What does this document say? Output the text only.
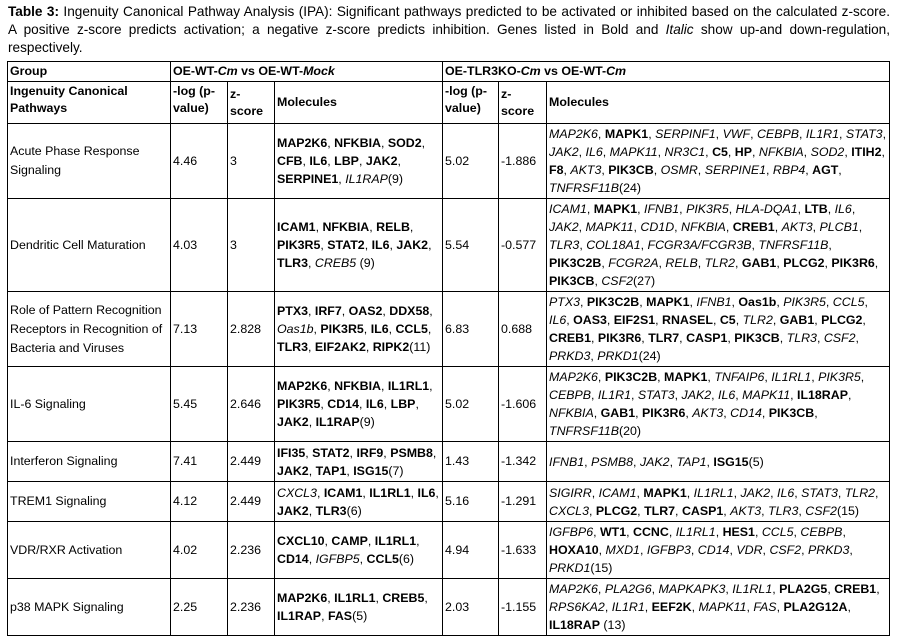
Table 3: Ingenuity Canonical Pathway Analysis (IPA): Significant pathways predicted to be activated or inhibited based on the calculated z-score. A positive z-score predicts activation; a negative z-score predicts inhibition. Genes listed in Bold and Italic show up-and down-regulation, respectively.
Group	OE-WT-Cm vs OE-WT-Mock			OE-TLR3KO-Cm vs OE-WT-Cm		
Ingenuity Canonical Pathways	-log (p-value)	z-score	Molecules	-log (p-value)	z-score	Molecules
Acute Phase Response Signaling	4.46	3	MAP2K6, NFKBIA, SOD2, CFB, IL6, LBP, JAK2, SERPINE1, IL1RAP(9)	5.02	-1.886	MAP2K6, MAPK1, SERPINF1, VWF, CEBPB, IL1R1, STAT3, JAK2, IL6, MAPK11, NR3C1, C5, HP, NFKBIA, SOD2, ITIH2, F8, AKT3, PIK3CB, OSMR, SERPINE1, RBP4, AGT, TNFRSF11B(24)
Dendritic Cell Maturation	4.03	3	ICAM1, NFKBIA, RELB, PIK3R5, STAT2, IL6, JAK2, TLR3, CREB5 (9)	5.54	-0.577	ICAM1, MAPK1, IFNB1, PIK3R5, HLA-DQA1, LTB, IL6, JAK2, MAPK11, CD1D, NFKBIA, CREB1, AKT3, PLCB1, TLR3, COL18A1, FCGR3A/FCGR3B, TNFRSF11B, PIK3C2B, FCGR2A, RELB, TLR2, GAB1, PLCG2, PIK3R6, PIK3CB, CSF2(27)
Role of Pattern Recognition Receptors in Recognition of Bacteria and Viruses	7.13	2.828	PTX3, IRF7, OAS2, DDX58, Oas1b, PIK3R5, IL6, CCL5, TLR3, EIF2AK2, RIPK2(11)	6.83	0.688	PTX3, PIK3C2B, MAPK1, IFNB1, Oas1b, PIK3R5, CCL5, IL6, OAS3, EIF2S1, RNASEL, C5, TLR2, GAB1, PLCG2, CREB1, PIK3R6, TLR7, CASP1, PIK3CB, TLR3, CSF2, PRKD3, PRKD1(24)
IL-6 Signaling	5.45	2.646	MAP2K6, NFKBIA, IL1RL1, PIK3R5, CD14, IL6, LBP, JAK2, IL1RAP(9)	5.02	-1.606	MAP2K6, PIK3C2B, MAPK1, TNFAIP6, IL1RL1, PIK3R5, CEBPB, IL1R1, STAT3, JAK2, IL6, MAPK11, IL18RAP, NFKBIA, GAB1, PIK3R6, AKT3, CD14, PIK3CB, TNFRSF11B(20)
Interferon Signaling	7.41	2.449	IFI35, STAT2, IRF9, PSMB8, JAK2, TAP1, ISG15(7)	1.43	-1.342	IFNB1, PSMB8, JAK2, TAP1, ISG15(5)
TREM1 Signaling	4.12	2.449	CXCL3, ICAM1, IL1RL1, IL6, JAK2, TLR3(6)	5.16	-1.291	SIGIRR, ICAM1, MAPK1, IL1RL1, JAK2, IL6, STAT3, TLR2, CXCL3, PLCG2, TLR7, CASP1, AKT3, TLR3, CSF2(15)
VDR/RXR Activation	4.02	2.236	CXCL10, CAMP, IL1RL1, CD14, IGFBP5, CCL5(6)	4.94	-1.633	IGFBP6, WT1, CCNC, IL1RL1, HES1, CCL5, CEBPB, HOXA10, MXD1, IGFBP3, CD14, VDR, CSF2, PRKD3, PRKD1(15)
p38 MAPK Signaling	2.25	2.236	MAP2K6, IL1RL1, CREB5, IL1RAP, FAS(5)	2.03	-1.155	MAP2K6, PLA2G6, MAPKAPK3, IL1RL1, PLA2G5, CREB1, RPS6KA2, IL1R1, EEF2K, MAPK11, FAS, PLA2G12A, IL18RAP (13)
